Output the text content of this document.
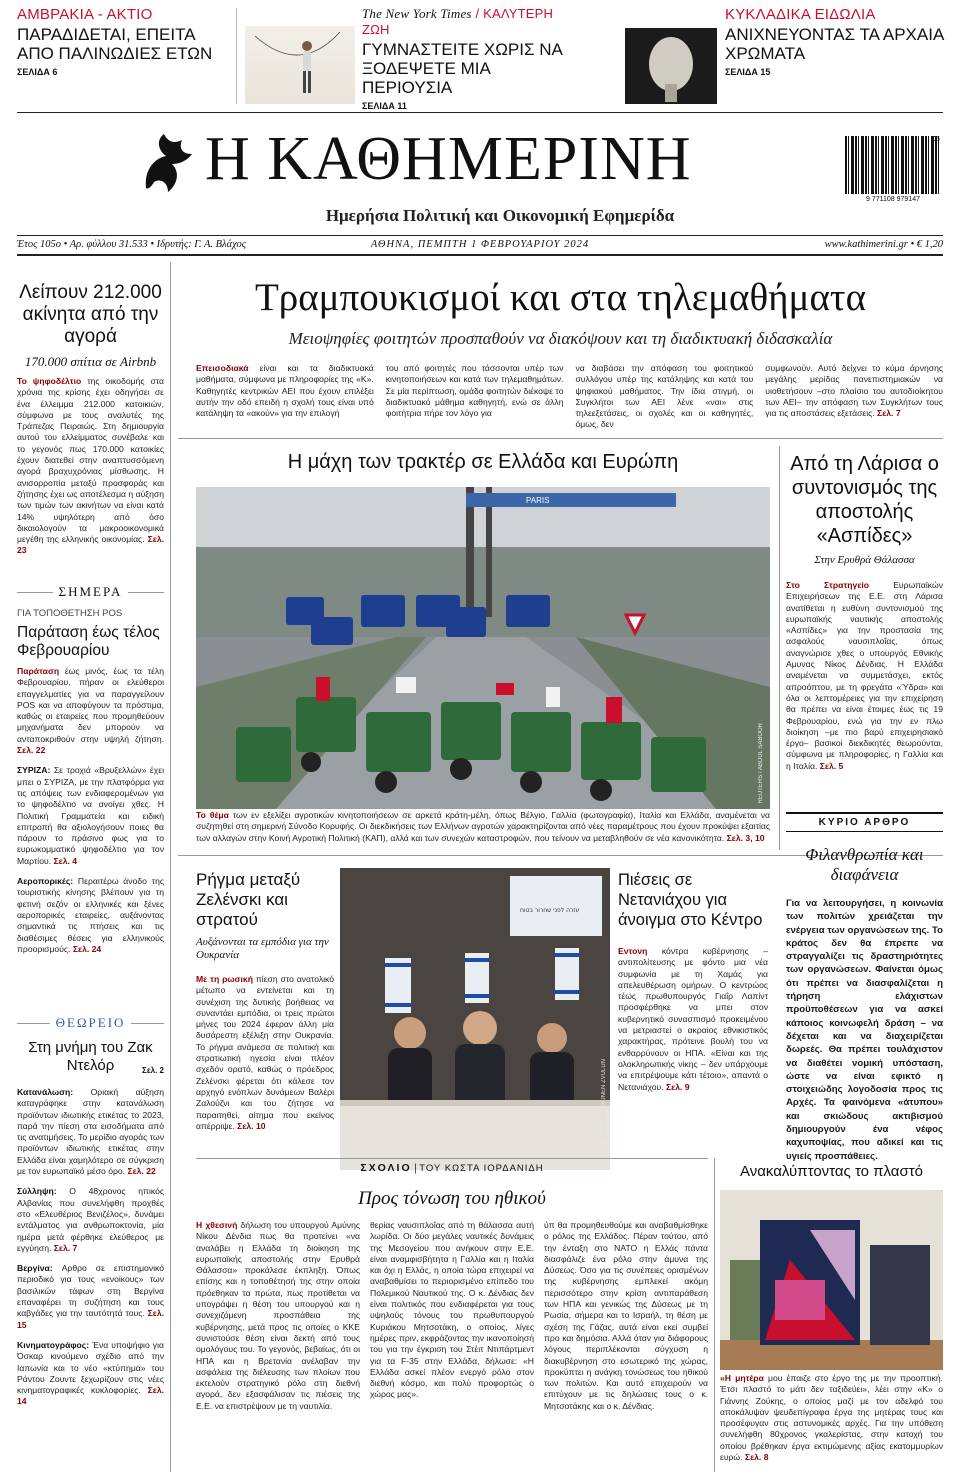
ΑΜΒΡΑΚΙΑ - ΑΚΤΙΟ
ΠΑΡΑΔΙΔΕΤΑΙ, ΕΠΕΙΤΑ ΑΠΟ ΠΑΛΙΝΩΔΙΕΣ ΕΤΩΝ
ΣΕΛΙΔΑ 6
The New York Times / ΚΑΛΥΤΕΡΗ ΖΩΗ
ΓΥΜΝΑΣΤΕΙΤΕ ΧΩΡΙΣ ΝΑ ΞΟΔΕΨΕΤΕ ΜΙΑ ΠΕΡΙΟΥΣΙΑ
ΣΕΛΙΔΑ 11
ΚΥΚΛΑΔΙΚΑ ΕΙΔΩΛΙΑ
ΑΝΙΧΝΕΥΟΝΤΑΣ ΤΑ ΑΡΧΑΙΑ ΧΡΩΜΑΤΑ
ΣΕΛΙΔΑ 15
Η ΚΑΘΗΜΕΡΙΝΗ
Ημερήσια Πολιτική και Οικονομική Εφημερίδα
9 771108 979147
05
Έτος 105ο • Αρ. φύλλου 31.533 • Ιδρυτής: Γ. Α. Βλάχος	ΑΘΗΝΑ, ΠΕΜΠΤΗ 1 ΦΕΒΡΟΥΑΡΙΟΥ 2024	www.kathimerini.gr • € 1,20
Λείπουν 212.000 ακίνητα από την αγορά
170.000 σπίτια σε Airbnb
Το ψηφοδέλτιο της οικοδομής στα χρόνια της κρίσης έχει οδηγήσει σε ένα έλλειμμα 212.000 κατοικιών, σύμφωνα με τους αναλυτές της Τράπεζας Πειραιώς. Στη δημιουργία αυτού του ελλείμματος συνέβαλε και το γεγονός πως 170.000 κατοικίες έχουν διατεθεί στην αναπτυσσόμενη αγορά βραχυχρόνιας μίσθωσης. Η ανισορροπία μεταξύ προσφοράς και ζήτησης έχει ως αποτέλεσμα η αύξηση των τιμών των ακινήτων να είναι κατά 14% υψηλότερη από όσο δικαιολογούν τα μακροοικονομικά μεγέθη της ελληνικής οικονομίας. Σελ. 23
ΣΗΜΕΡΑ
ΓΙΑ ΤΟΠΟΘΕΤΗΣΗ POS
Παράταση έως τέλος Φεβρουαρίου
Παράταση έως μινός, έως τα τέλη Φεβρουαρίου, πήραν οι ελεύθεροι επαγγελματίες για να παραγγείλουν POS και να αποφύγουν τα πρόστιμα, καθώς οι εταιρείες που προμηθεύουν μηχανήματα δεν μπορούν να ανταποκριθούν στην υψηλή ζήτηση. Σελ. 22
ΣΥΡΙΖΑ: Σε τροχιά «Βρυξελλών» έχει μπει ο ΣΥΡΙΖΑ, με την πλατφόρμα για τις απόψεις των ενδιαφερομένων για το ψηφοδέλτιο να ανοίγει χθες. Η Πολιτική Γραμματεία και ειδική επιτροπή θα αξιολογήσουν ποιες θα πάρουν το πράσινο φως για το ευρωκομματικό ψηφοδέλτιο για τον Μαρτίου. Σελ. 4
Αερoπορικές: Περαιτέρω άνοδο της τουριστικής κίνησης βλέπουν για τη φετινή σεζόν οι ελληνικές και ξένες αεροπορικές εταιρείες, αυξάνοντας σημαντικά τις πτήσεις και τις διαθέσιμες θέσεις για ελληνικούς προορισμούς. Σελ. 24
ΘΕΩΡΕΙΟ
Στη μνήμη του Ζακ Ντελόρ	Σελ. 2
Κατανάλωση: Οριακή αύξηση καταγράφηκε στην κατανάλωση προϊόντων ιδιωτικής ετικέτας το 2023, παρά την πίεση στα εισοδήματα από τις ανατιμήσεις. Το μερίδιο αγοράς των προϊόντων ιδιωτικής ετικέτας στην Ελλάδα είναι χαμηλότερο σε σύγκριση με τον ευρωπαϊκό μέσο όρο. Σελ. 22
Σύλληψη: Ο 48χρονος ηπικός Αλβανίας που συνελήφθη προχθές στο «Ελευθέριος Βενιζέλος», δυνάμει εντάλματος για ανθρωποκτονία, μία ημέρα μετά φέρθηκε ελεύθερος με εγγύηση. Σελ. 7
Βεργίνα: Αρθρο σε επιστημονικό περιοδικό για τους «ενοίκους» των βασιλικών τάφων στη Βεργίνα επαναφέρει τη συζήτηση και τους καβγάδες για την ταυτότητά τους. Σελ. 15
Κινηματογράφος: Ένα υποψήφιο για Όσκαρ κινούμενο σχέδιο από την Ιαπωνία και το νέο «κτύπημα» του Ράντου Ζουντε ξεχωρίζουν στις νέες κινηματογραφικές κυκλοφορίες. Σελ. 14
Τραμπουκισμοί και στα τηλεμαθήματα
Μειοψηφίες φοιτητών προσπαθούν να διακόψουν και τη διαδικτυακή διδασκαλία
Επεισοδιακά είναι και τα διαδικτυακά μαθήματα, σύμφωνα με πληροφορίες της «Κ». Καθηγητές κεντρικών ΑΕΙ που έχουν επιλέξει αυτήν την οδό επειδή η σχολή τους είναι υπό κατάληψη τα «ακούν» για την επιλογή
του από φοιτητές που τάσσονται υπέρ των κινητοποιήσεων και κατά των τηλεμαθημάτων. Σε μία περίπτωση, ομάδα φοιτητών διέκοψε το διαδικτυακό μάθημα καθηγητή, ενώ σε άλλη φοιτήτρια πήρε τον λόγο για
να διαβάσει την απόφαση του φοιτητικού συλλόγου υπέρ της κατάληψης και κατά του ψηφιακού μαθήματος. Την ίδια στιγμή, οι Συγκλήτοι των ΑΕΙ λένε «ναι» στις τηλεεξετάσεις, οι σχολές και οι καθηγητές, όμως, δεν
συμφωνούν. Αυτό δείχνει το κύμα άρνησης μεγάλης μερίδας πανεπιστημιακών να υιοθετήσουν –στο πλαίσιο του αυτοδιοίκητου των ΑΕΙ– την απόφαση των Συγκλήτων τους για τις αποστάσεις εξετάσεις. Σελ. 7
Η μάχη των τρακτέρ σε Ελλάδα και Ευρώπη
PARIS
REUTERS / ABDUL SABOOR
Το θέμα των εν εξελίξει αγροτικών κινητοποιήσεων σε αρκετά κράτη-μέλη, όπως Βέλγιο, Γαλλία (φωτογραφία), Ιταλία και Ελλάδα, αναμένεται να συζητηθεί στη σημερινή Σύνοδο Κορυφής. Οι διεκδικήσεις των Ελλήνων αγροτών χαρακτηρίζονται από νέες παραμέτρους που έχουν προκύψει εξαιτίας των αλλαγών στην Κοινή Αγροτική Πολιτική (ΚΑΠ), αλλά και των συνεχών καταστροφών, που τείνουν να μεταβληθούν σε νέα κανονικότητα. Σελ. 3, 10
Από τη Λάρισα ο συντονισμός της αποστολής «Ασπίδες»
Στην Ερυθρά Θάλασσα
Στο Στρατηγείο	Ευρωπαϊκών Επιχειρήσεων της Ε.Ε. στη Λάρισα ανατίθεται η ευθύνη συντονισμού της ευρωπαϊκής ναυτικής αποστολής «Ασπίδες» για την προστασία της ασφαλούς ναυσιπλοΐας, όπως αναγνώρισε χθες ο υπουργός Εθνικής Αμυνας Νίκος Δένδιας. Η Ελλάδα αναμένεται να συμμετάσχει, εκτός απροόπτου, με τη φρεγάτα «Ύδρα» και όλα οι λεπτομέρειες για την επιχείρηση θα πρέπει να είναι έτοιμες έως τις 19 Φεβρουαρίου, ενώ για την εν πλω διοίκηση –με πιο βαρύ επιχειρησιακό έργο– βασικοί διεκδικητές θεωρούνται, σύμφωνα με πληροφορίες, η Γαλλία και η Ιταλία. Σελ. 5
ΚΥΡΙΟ ΑΡΘΡΟ
Φιλανθρωπία και διαφάνεια
Για να λειτουργήσει, η κοινωνία των πολιτών χρειάζεται την ενέργεια των οργανώσεων της. Το κράτος δεν θα έπρεπε να στραγγαλίζει τις δραστηριότητες των οργανώσεων. Φαίνεται όμως ότι πρέπει να διασφαλίζεται η τήρηση ελάχιστων προϋποθέσεων για να ασκεί κάποιος κοινωφελή δράση – να δέχεται και να διαχειρίζεται δωρεές. Θα πρέπει τουλάχιστον να διαθέτει νομική υπόσταση, ώστε να είναι εφικτό η στοιχειώδης λογοδοσία προς τις Αρχές. Τα φαινόμενα «άτυπου» και σκιώδους ακτιβισμού δημιουργούν ένα νέφος καχυποψίας, που αδικεί και τις υγιείς προσπάθειες.
Ρήγμα μεταξύ Ζελένσκι και στρατού
Αυξάνονται τα εμπόδια για την Ουκρανία
Με τη ρωσική πίεση στο ανατολικό μέτωπο να εντείνεται και τη συνέχιση της δυτικής βοήθειας να συναντάει εμπόδια, οι τρεις πρώτοι μήνες του 2024 έφεραν άλλη μία δυσάρεστη εξέλιξη στην Ουκρανία. Το ρήγμα ανάμεσα σε πολιτική και στρατιωτική ηγεσία είναι πλέον σχεδόν ορατό, καθώς ο πρόεδρος Ζελένσκι φέρεται ότι κάλεσε τον αρχηγό ενόπλων δυνάμεων Βαλέρι Ζαλούζνι και του ζήτησε να παραιτηθεί, αίτημα που εκείνος απέρριψε. Σελ. 10
עזרה לפני שחרור בטוח
REUTERS / RONEN ZVULUN
Πιέσεις σε Νετανιάχου για άνοιγμα στο Κέντρο
Εντονη κόντρα κυβέρνησης – αντιπολίτευσης με φόντο μια νέα συμφωνία με τη Χαμάς για απελευθέρωση ομήρων. Ο κεντρώος τέως πρωθυπουργός Γιαΐρ Λαπίντ προσφέρθηκε να μπει στον κυβερνητικό συνασπισμό προκειμένου να μετριαστεί ο ακραίος εθνικιστικός χαρακτήρας, πρότεινε βουλή του να ενθαρρύνουν οι ΗΠΑ. «Είναι και της ολοκληρωτικής νίκης – δεν υπάρχουμε να επιτρέψουμε κάτι τέτοιο», απαντά ο Νετανιάχου. Σελ. 9
ΣΧΟΛΙΟ | ΤΟΥ ΚΩΣΤΑ ΙΟΡΔΑΝΙΔΗ
Προς τόνωση του ηθικού
Η χθεσινή δήλωση του υπουργού Αμύνης Νίκου Δένδια πως θα προτείνει «να αναλάβει η Ελλάδα τη διοίκηση της ευρωπαϊκής αποστολής στην Ερυθρά Θάλασσα» προκάλεσε έκπληξη. Όπως επίσης και η τοποθέτησή της στην οποία πρόεθηκαν τα πρώτα, πως προτίθεται να υπογράψει η θέση του υπουργού και η συνεχιζόμενη προσπάθεια της κυβέρνησης, μετά προς τις οποίες ο ΚΚΕ συνιστούσε θέση είναι δεκτή από τους ομολόγους του. Το γεγονός, βεβαίως, ότι οι ΗΠΑ και η Βρετανία ανέλαβαν την ασφάλεια της διέλευσης των πλοίων που εκτελούν στρατηγικό ρόλο στη διεθνή αγορά, δεν εξασφάλισαν τις πιέσεις της Ε.Ε. να επιστρέψουν με τη ναυτιλία.
θερίας ναυσιπλοΐας από τη θάλασσα αυτή λωρίδα. Οι δύο μεγάλες ναυτικές δυνάμεις της Μεσογείου που ανήκουν στην Ε.Ε. είναι αναμφισβήτητα η Γαλλία και η Ιταλία και όχι η Ελλάς, η οποία τώρα επιχειρεί να αναβαθμίσει το περιορισμένο επίπεδο του Πολεμικού Ναυτικού της. Ο κ. Δένδιας δεν είναι πολιτικός που ενδιαφέρεται για τους υψηλούς τόνους του πρωθυπουργού Κυριάκου Μητσοτάκη, ο οποίος, λίγες ημέρες πριν, εκφράζοντας την ικανοποίησή του για την έγκριση του Στέιτ Ντιπάρτμεντ για τα F-35 στην Ελλάδα, δήλωσε: «Η Ελλάδα ασκεί πλέον ενεργό ρόλο στον διεθνή κόσμο, και πολύ προφορτώς ο χώρος μας».
ύπ θα προμηθευθούμε και αναβαθμίσθηκε ο ρόλος της Ελλάδος. Πέραν τούτου, από την ένταξη στο ΝΑΤΟ η Ελλάς πάντα διασφάλιζε ένα ρόλο στην άμυνα της Δύσεως. Όσο για τις συνέπειες ορισμένων της κυβέρνησης εμπλεκεί ακόμη περισσότερο στην κρίση αντιπαράθεση των ΗΠΑ και γενικώς της Δύσεως με τη Ρωσία, σήμερα και το Ισραήλ, τη θέση με σχέση της Γάζας, αυτά είναι εκεί συμβεί προ και δημόσια. Αλλά όταν για διάφορους λόγους περιπλέκονται σύγχυση η διακυβέρνηση στο εσωτερικό της χώρας, προκύπτει η ανάγκη τονώσεως του ηθικού των πολιτών. Και αυτό επιχειρούν να επιτύχουν με τις δηλώσεις τους ο κ. Μητσοτάκης και ο κ. Δένδιας.
Ανακαλύπτοντας το πλαστό
«Η μητέρα μου έπαιζε στο έργο της με την προοπτική. Έτσι πλαστό το μάτι δεν ταξιδεύει», λέει στην «Κ» ο Γιάννης Ζούκης, ο οποίος μαζί με τον αδελφό του αποκάλυψαν ψευδεπίγραφα έργα της μητέρας τους και προσέφυγαν στις αστυνομικές αρχές. Για την υπόθεση συνελήφθη 80χρονος γκαλερίστας, στην κατοχή του οποίου βρέθηκαν έργα εκτιμώμενης αξίας εκατομμυρίων ευρώ. Σελ. 8
